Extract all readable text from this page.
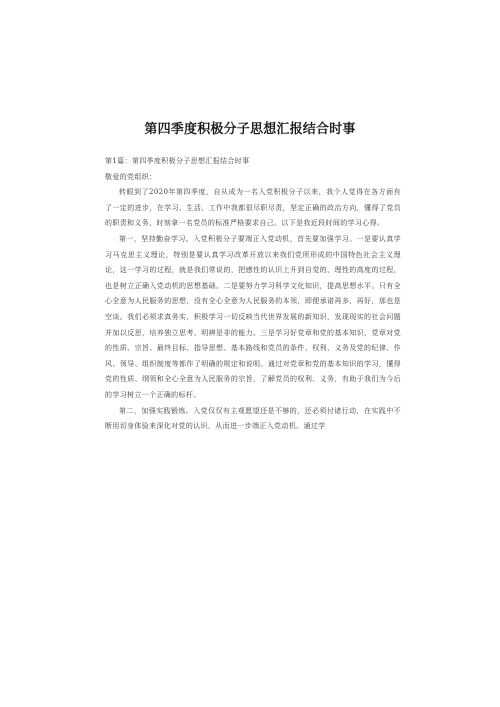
第四季度积极分子思想汇报结合时事

第1篇：第四季度积极分子思想汇报结合时事

敬爱的党组织：

转眼到了2020年第四季度，自从成为一名入党积极分子以来，我个人觉得在各方面有了一定的进步，在学习、生活、工作中我都很尽职尽责，坚定正确的政治方向，懂得了党员的职责和义务，时刻拿一名党员的标准严格要求自己。以下是我近段时间的学习心得。

第一，坚持勤奋学习。入党积极分子要端正入党动机，首先要加强学习。一是要认真学习马克思主义理论，特别是要认真学习改革开放以来我们党所形成的中国特色社会主义理论，这一学习的过程，就是我们常说的，把感性的认识上升到自觉的、理性的高度的过程，也是树立正确入党动机的思想基础。二是要努力学习科学文化知识，提高思想水平。只有全心全意为人民服务的思想，没有全心全意为人民服务的本领，即便承诺再多，再好，那也是空谈。我们必须求真务实，积极学习一切反映当代世界发展的新知识，发现现实的社会问题并加以反思，培养独立思考、明辨是非的能力。三是学习好党章和党的基本知识，党章对党的性质、宗旨、最终目标、指导思想、基本路线和党员的条件、权利、义务及党的纪律、作风、领导、组织制度等都作了明确的规定和说明。通过对党章和党的基本知识的学习，懂得党的性质、纲领和全心全意为人民服务的宗旨，了解党员的权利、义务，有助于我们为今后的学习树立一个正确的标杆。

第二，加强实践锻炼。入党仅仅有主观愿望还是不够的，还必须付诸行动，在实践中不断用切身体验来深化对党的认识，从而进一步端正入党动机。通过学
